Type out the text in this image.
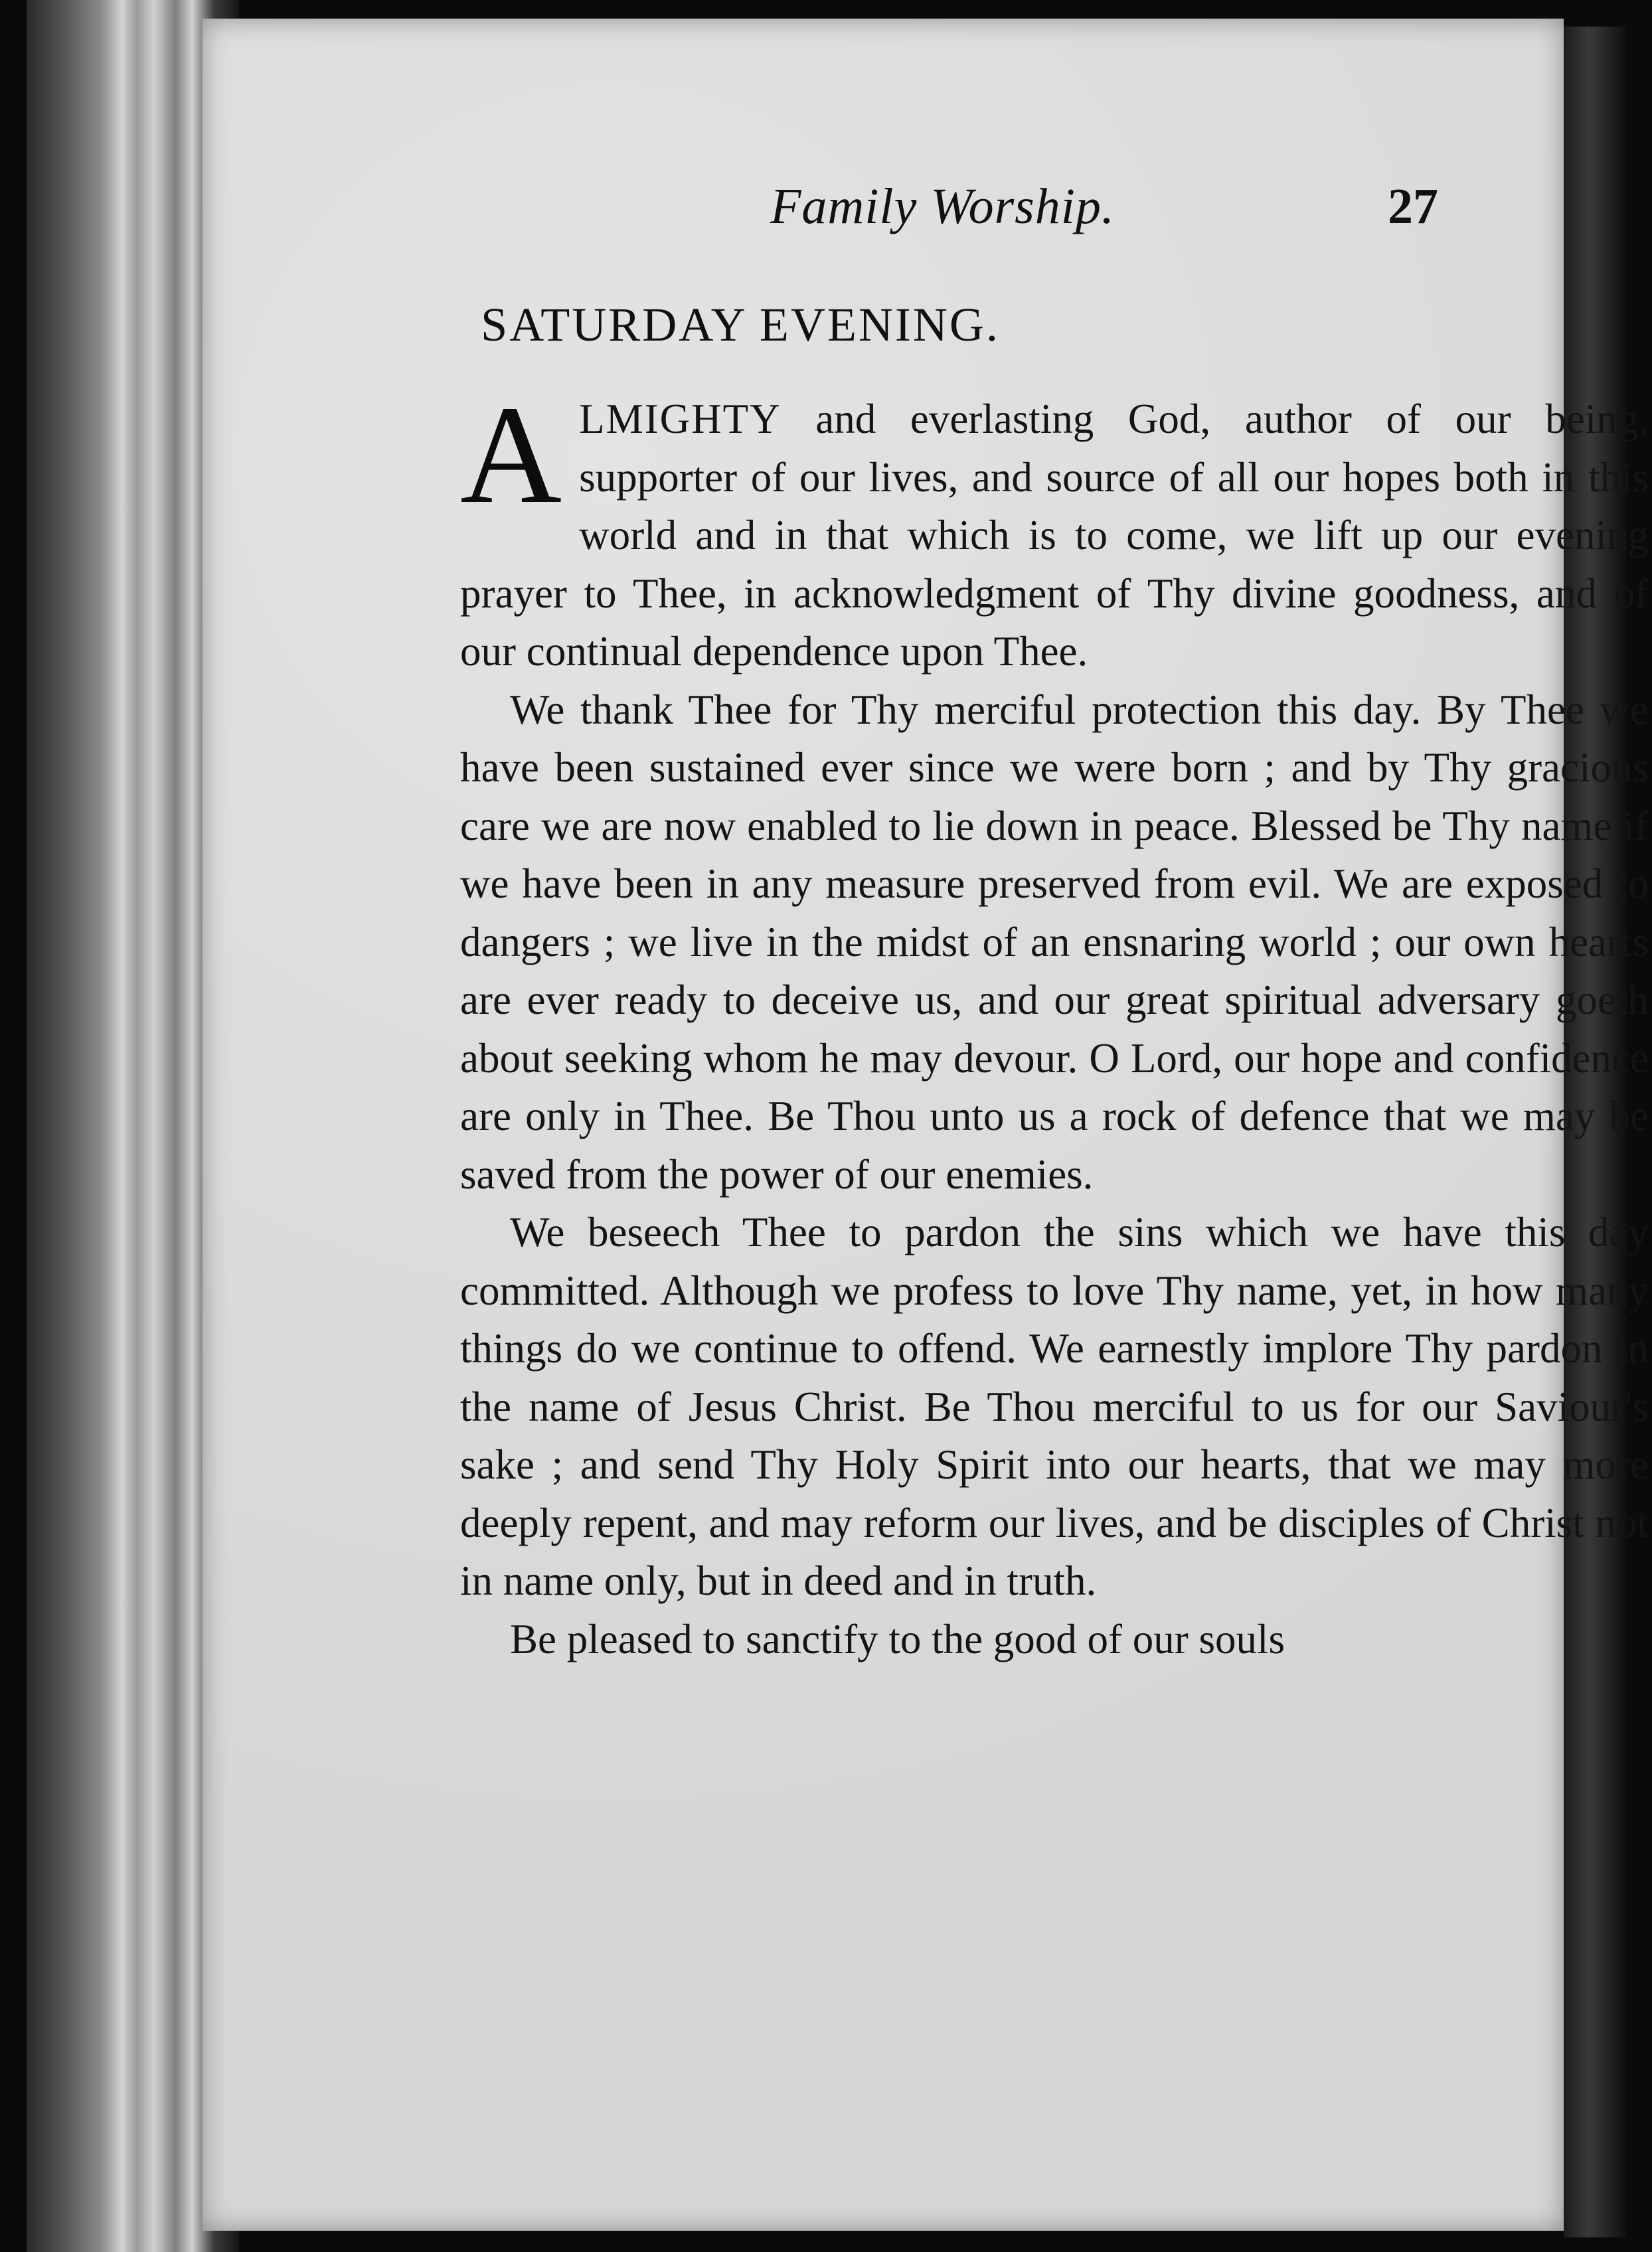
Family Worship.	27
SATURDAY EVENING.

ALMIGHTY and everlasting God, author of our being, supporter of our lives, and source of all our hopes both in this world and in that which is to come, we lift up our evening prayer to Thee, in acknowledgment of Thy divine goodness, and of our continual dependence upon Thee.

We thank Thee for Thy merciful protection this day. By Thee we have been sustained ever since we were born ; and by Thy gracious care we are now enabled to lie down in peace. Blessed be Thy name if we have been in any measure preserved from evil. We are exposed to dangers ; we live in the midst of an ensnaring world ; our own hearts are ever ready to deceive us, and our great spiritual adversary goeth about seeking whom he may devour. O Lord, our hope and confidence are only in Thee. Be Thou unto us a rock of defence that we may be saved from the power of our enemies.

We beseech Thee to pardon the sins which we have this day committed. Although we profess to love Thy name, yet, in how many things do we continue to offend. We earnestly implore Thy pardon in the name of Jesus Christ. Be Thou merciful to us for our Saviour's sake ; and send Thy Holy Spirit into our hearts, that we may more deeply repent, and may reform our lives, and be disciples of Christ not in name only, but in deed and in truth.

Be pleased to sanctify to the good of our souls
